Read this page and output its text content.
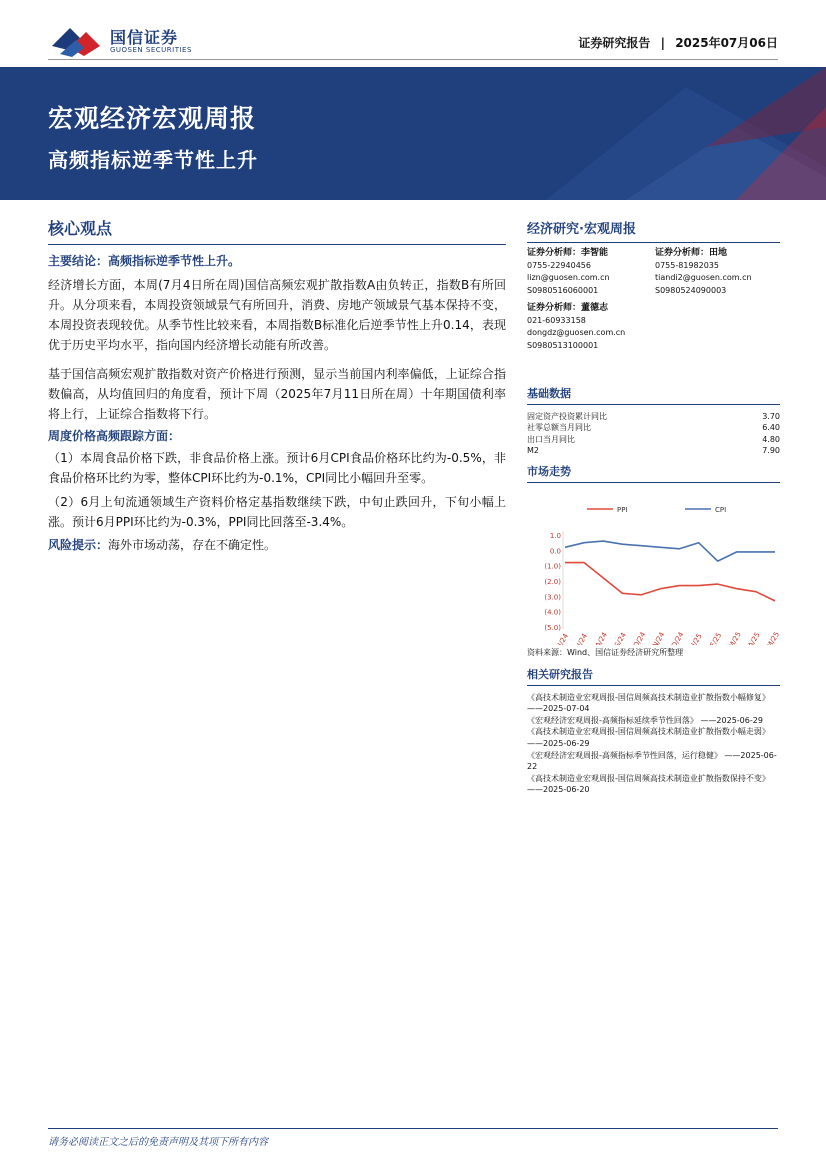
国信证券
GUOSEN SECURITIES	证券研究报告 | 2025年07月06日
宏观经济宏观周报
高频指标逆季节性上升
核心观点
主要结论：高频指标逆季节性上升。

经济增长方面，本周(7月4日所在周)国信高频宏观扩散指数A由负转正，指数B有所回升。从分项来看，本周投资领域景气有所回升，消费、房地产领域景气基本保持不变，本周投资表现较优。从季节性比较来看，本周指数B标准化后逆季节性上升0.14，表现优于历史平均水平，指向国内经济增长动能有所改善。

基于国信高频宏观扩散指数对资产价格进行预测，显示当前国内利率偏低，上证综合指数偏高，从均值回归的角度看，预计下周（2025年7月11日所在周）十年期国债利率将上行，上证综合指数将下行。

周度价格高频跟踪方面：

（1）本周食品价格下跌，非食品价格上涨。预计6月CPI食品价格环比约为-0.5%，非食品价格环比约为零，整体CPI环比约为-0.1%，CPI同比小幅回升至零。

（2）6月上旬流通领域生产资料价格定基指数继续下跌，中旬止跌回升，下旬小幅上涨。预计6月PPI环比约为-0.3%，PPI同比回落至-3.4%。

风险提示：海外市场动荡，存在不确定性。
经济研究·宏观周报
证券分析师：李智能
0755-22940456
lizn@guosen.com.cn
S0980516060001
证券分析师：田地
0755-81982035
tiandi2@guosen.com.cn
S0980524090003
证券分析师：董德志
021-60933158
dongdz@guosen.com.cn
S0980513100001
基础数据
固定资产投资累计同比	3.70
社零总额当月同比	6.40
出口当月同比	4.80
M2	7.90
市场走势
PPI	CPI
1.0
0.0
(1.0)
(2.0)
(3.0)
(4.0)
(5.0)
J/24 J/24 A/24 S/24 O/24 N/24 D/24 J/25 F/25 M/25 A/25 M/25
资料来源：Wind、国信证券经济研究所整理
相关研究报告
《高技术制造业宏观周报-国信周频高技术制造业扩散指数小幅修复》 ——2025-07-04
《宏观经济宏观周报-高频指标延续季节性回落》 ——2025-06-29
《高技术制造业宏观周报-国信周频高技术制造业扩散指数小幅走弱》 ——2025-06-29
《宏观经济宏观周报-高频指标季节性回落，运行稳健》 ——2025-06-22
《高技术制造业宏观周报-国信周频高技术制造业扩散指数保持不变》 ——2025-06-20
请务必阅读正文之后的免责声明及其项下所有内容
